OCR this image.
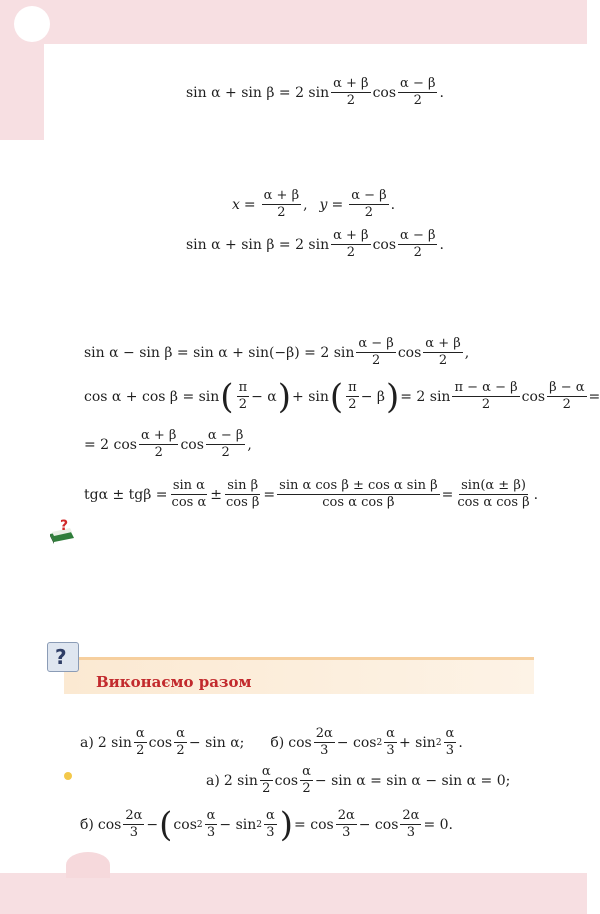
sin α + sin β = 2 $\sin \frac{\alpha + \beta}{2}$ $\cos \frac{\alpha - \beta}{2}$ .
$x = \frac{\alpha + \beta}{2}$ , $y = \frac{\alpha - \beta}{2}$ .
sin α + sin β = 2 $\sin \frac{\alpha + \beta}{2}$ $\cos \frac{\alpha - \beta}{2}$ .
sin α − sin β = sin α + sin(−β) = 2 $\sin \frac{\alpha - \beta}{2}$ $\cos \frac{\alpha + \beta}{2}$ ,
cos α + cos β = sin ( $\frac{\pi}{2} - \alpha$ ) + sin ( $\frac{\pi}{2} - \beta$ ) = 2 $\sin \frac{\pi - \alpha - \beta}{2}$ $\cos \frac{\beta - \alpha}{2}$ =
= 2 $\cos \frac{\alpha + \beta}{2}$ $\cos \frac{\alpha - \beta}{2}$ ,
$tg\alpha \pm tg\beta = \frac{\text{sin α}}{\text{cos α}} \pm \frac{\text{sin β}}{\text{cos β}} = \frac{\text{sin α cos β ± cos α sin β}}{\text{cos α cos β}} = \frac{\sin(\alpha \pm \beta)}{\text{cos α cos β}}$ .
?
?
Виконаємо разом
а) 2 $\sin \frac{\alpha}{2}$ $\cos \frac{\alpha}{2} - \sin \alpha$; б) $\cos \frac{2\alpha}{3} - \cos 2 \frac{\alpha}{3} + \sin 2 \frac{\alpha}{3}$ .
а) 2 $\sin \frac{\alpha}{2}$ $\cos \frac{\alpha}{2} - \sin \alpha = \sin \alpha - \sin \alpha = 0$;
б) $\cos \frac{2\alpha}{3}$ − ( $\cos 2 \frac{\alpha}{3} - \sin 2 \frac{\alpha}{3}$ ) = $\cos \frac{2\alpha}{3} - \cos \frac{2\alpha}{3} = 0$.
